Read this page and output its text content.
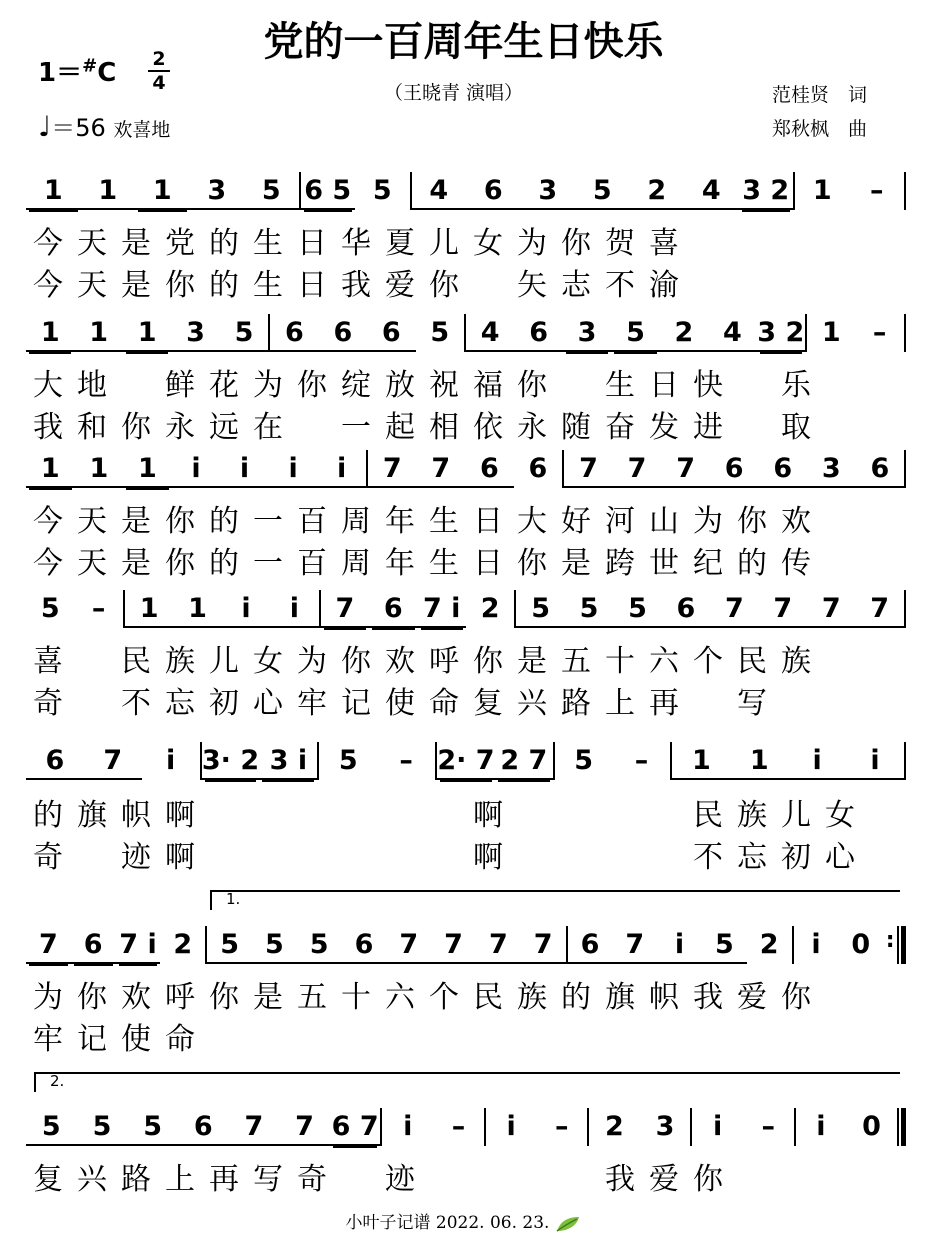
党的一百周年生日快乐
$1=^{\#}C \frac{2}{4}$
♩＝56 欢喜地
（王晓青 演唱）	范桂贤　词
郑秋枫　曲
1	1	1	3	5 6 5 5	4	6	3	5	2	4 3 2 1	–
今 天 是 党 的 生 日 华 夏 儿 女 为 你 贺 喜
今 天 是 你 的 生 日 我 爱 你 矢 志 不 渝
1	1	1	3	5	6	6	6	5	4	6	3	5	2	4 3 2 1	–
大 地 鲜 花 为 你 绽 放 祝 福 你 生 日 快 乐
我 和 你 永 远 在 一 起 相 依 永 随 奋 发 进 取
1	1	1	i	i	i	i	7	7	6	6	7	7	7	6	6	3	6
今 天 是 你 的 一 百 周 年 生 日 大 好 河 山 为 你 欢
今 天 是 你 的 一 百 周 年 生 日 你 是 跨 世 纪 的 传
5	–	1	1	i	i	7	6 7 i 2	5	5	5	6	7	7	7	7
喜 民 族 儿 女 为 你 欢 呼 你 是 五 十 六 个 民 族
奇 不 忘 初 心 牢 记 使 命 复 兴 路 上 再 写
6	7	i 3· 2 3 i	5	– 2· 7 2 7 5	–	1	1	i	i
的 旗 帜 啊	啊	民 族 儿 女
奇 迹 啊	啊	不 忘 初 心
1.
7 6 7 i 2	5 5 5 6 7 7 7 7	6 7	i	5 2	i	0 :
为 你 欢 呼 你 是 五 十 六 个 民 族 的 旗 帜 我 爱 你
牢 记 使 命
2.
5	5	5	6	7	7 6 7 i	–	i	–	2	3	i	–	i	0
复 兴 路 上 再 写 奇 迹	我 爱 你
小叶子记谱 2022. 06. 23.
